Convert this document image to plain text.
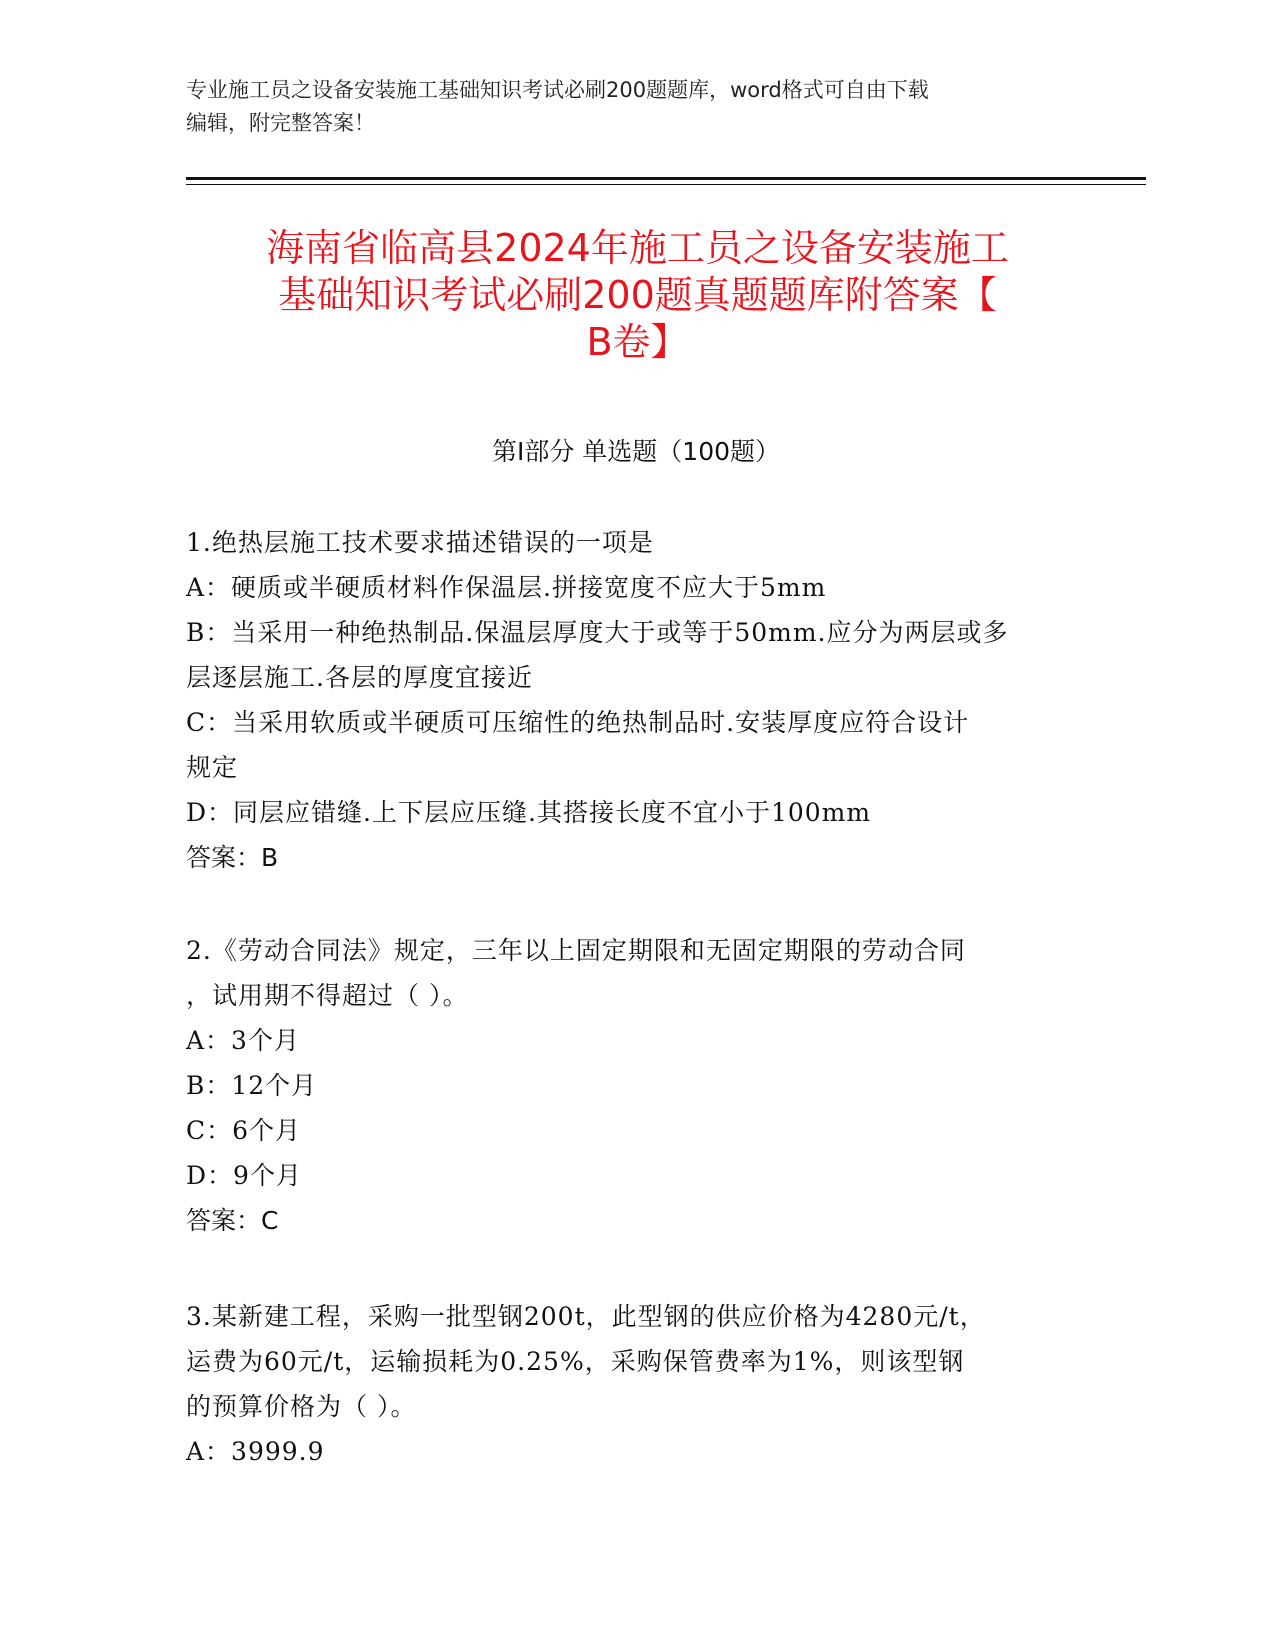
专业施工员之设备安装施工基础知识考试必刷200题题库，word格式可自由下载
编辑，附完整答案！
海南省临高县2024年施工员之设备安装施工
基础知识考试必刷200题真题题库附答案【
B卷】
第Ⅰ部分 单选题（100题）

1.绝热层施工技术要求描述错误的一项是

A：硬质或半硬质材料作保温层.拼接宽度不应大于5mm

B：当采用一种绝热制品.保温层厚度大于或等于50mm.应分为两层或多

层逐层施工.各层的厚度宜接近

C：当采用软质或半硬质可压缩性的绝热制品时.安装厚度应符合设计

规定

D：同层应错缝.上下层应压缝.其搭接长度不宜小于100mm

答案：B

2.《劳动合同法》规定，三年以上固定期限和无固定期限的劳动合同

，试用期不得超过（ ）。

A：3个月

B：12个月

C：6个月

D：9个月

答案：C

3.某新建工程，采购一批型钢200t，此型钢的供应价格为4280元/t，

运费为60元/t，运输损耗为0.25%，采购保管费率为1%，则该型钢

的预算价格为（ ）。

A：3999.9
